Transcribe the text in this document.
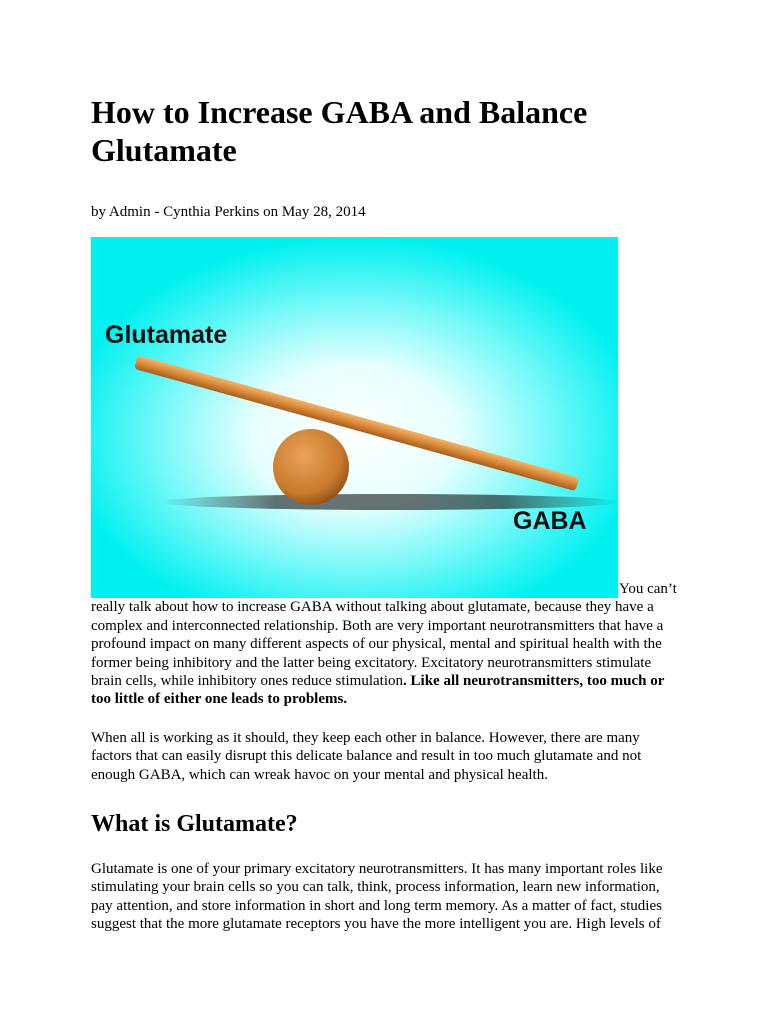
How to Increase GABA and Balance Glutamate
by Admin - Cynthia Perkins on May 28, 2014
Glutamate
GABA

You can’t really talk about how to increase GABA without talking about glutamate, because they have a complex and interconnected relationship. Both are very important neurotransmitters that have a profound impact on many different aspects of our physical, mental and spiritual health with the former being inhibitory and the latter being excitatory. Excitatory neurotransmitters stimulate brain cells, while inhibitory ones reduce stimulation. Like all neurotransmitters, too much or too little of either one leads to problems.

When all is working as it should, they keep each other in balance. However, there are many factors that can easily disrupt this delicate balance and result in too much glutamate and not enough GABA, which can wreak havoc on your mental and physical health.

What is Glutamate?

Glutamate is one of your primary excitatory neurotransmitters. It has many important roles like stimulating your brain cells so you can talk, think, process information, learn new information, pay attention, and store information in short and long term memory. As a matter of fact, studies suggest that the more glutamate receptors you have the more intelligent you are. High levels of
